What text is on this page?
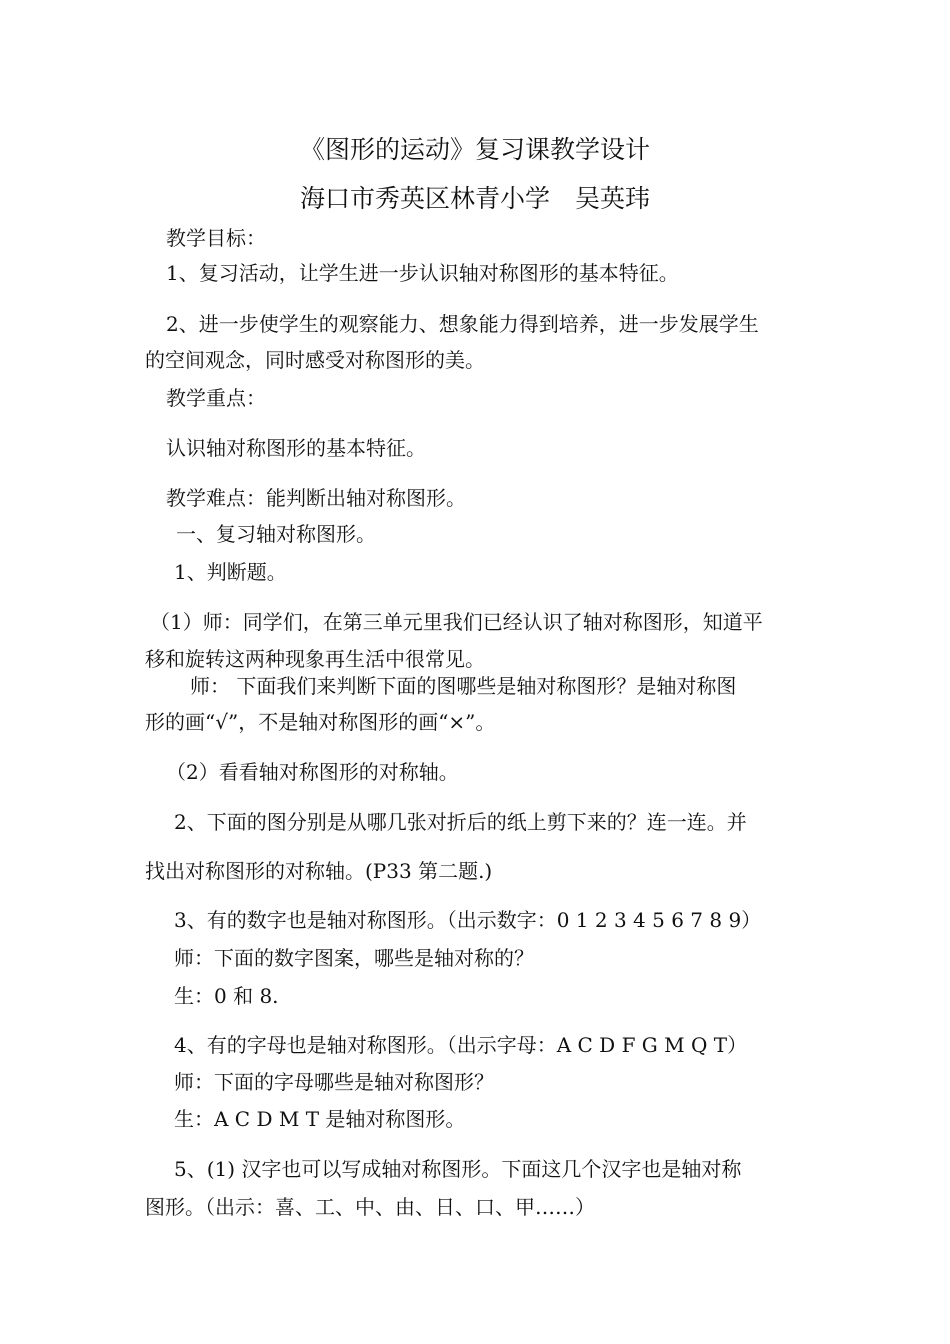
《图形的运动》复习课教学设计
海口市秀英区林青小学　吴英玮
教学目标：
1、复习活动，让学生进一步认识轴对称图形的基本特征。
2、进一步使学生的观察能力、想象能力得到培养，进一步发展学生
的空间观念，同时感受对称图形的美。
教学重点：
认识轴对称图形的基本特征。
教学难点：能判断出轴对称图形。
一、复习轴对称图形。
1、判断题。
（1）师：同学们，在第三单元里我们已经认识了轴对称图形，知道平
移和旋转这两种现象再生活中很常见。
师： 下面我们来判断下面的图哪些是轴对称图形？是轴对称图
形的画“√”，不是轴对称图形的画“×”。
（2）看看轴对称图形的对称轴。
2、下面的图分别是从哪几张对折后的纸上剪下来的？连一连。并
找出对称图形的对称轴。(P33 第二题.)
3、有的数字也是轴对称图形。（出示数字：0 1 2 3 4 5 6 7 8 9）
师：下面的数字图案，哪些是轴对称的？
生：0 和 8.
4、有的字母也是轴对称图形。（出示字母：A C D F G M Q T）
师：下面的字母哪些是轴对称图形？
生：A C D M T 是轴对称图形。
5、(1) 汉字也可以写成轴对称图形。下面这几个汉字也是轴对称
图形。（出示：喜、工、中、由、日、口、甲……）
